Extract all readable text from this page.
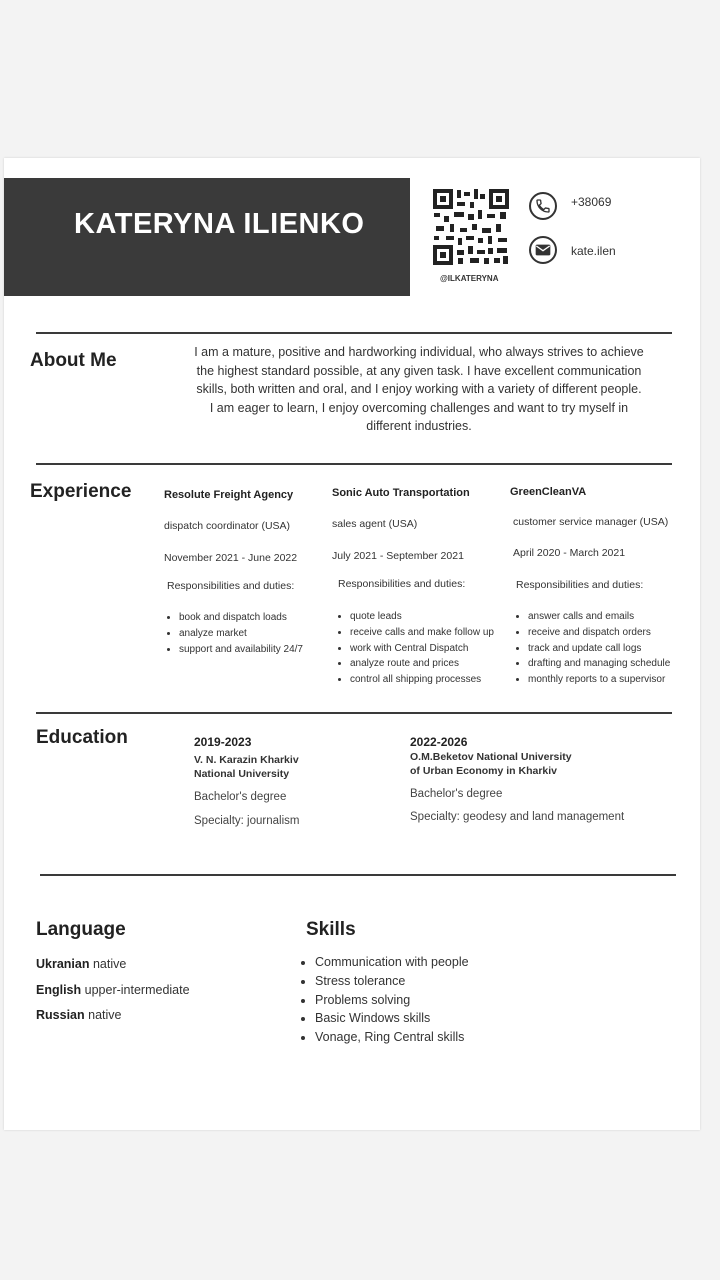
KATERYNA ILIENKO
@ILKATERYNA
+38069
kate.ilen
About Me	I am a mature, positive and hardworking individual, who always strives to achieve the highest standard possible, at any given task. I have excellent communication skills, both written and oral, and I enjoy working with a variety of different people. I am eager to learn, I enjoy overcoming challenges and want to try myself in different industries.
Experience	Resolute Freight Agency
dispatch coordinator (USA)
November 2021 - June 2022
Responsibilities and duties:
• book and dispatch loads
• analyze market
• support and availability 24/7
Sonic Auto Transportation
sales agent (USA)
July 2021 - September 2021
Responsibilities and duties:
• quote leads
• receive calls and make follow up
• work with Central Dispatch
• analyze route and prices
• control all shipping processes
GreenCleanVA
customer service manager (USA)
April 2020 - March 2021
Responsibilities and duties:
• answer calls and emails
• receive and dispatch orders
• track and update call logs
• drafting and managing schedule
• monthly reports to a supervisor
Education	2019-2023
V. N. Karazin Kharkiv
National University
Bachelor's degree
Specialty: journalism
2022-2026
O.M.Beketov National University
of Urban Economy in Kharkiv
Bachelor's degree
Specialty: geodesy and land management
Language
Ukranian native
English upper-intermediate
Russian native
Skills
• Communication with people
• Stress tolerance
• Problems solving
• Basic Windows skills
• Vonage, Ring Central skills
